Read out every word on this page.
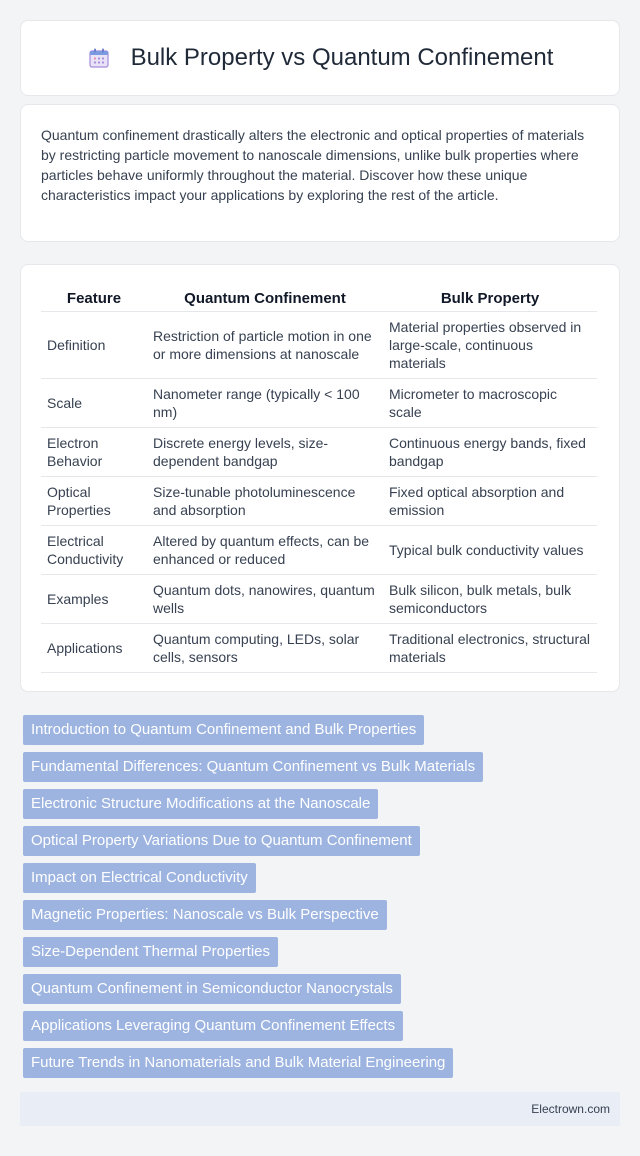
Bulk Property vs Quantum Confinement

Quantum confinement drastically alters the electronic and optical properties of materials by restricting particle movement to nanoscale dimensions, unlike bulk properties where particles behave uniformly throughout the material. Discover how these unique characteristics impact your applications by exploring the rest of the article.

Feature	Quantum Confinement	Bulk Property
Definition	Restriction of particle motion in one or more dimensions at nanoscale	Material properties observed in large-scale, continuous materials
Scale	Nanometer range (typically < 100 nm)	Micrometer to macroscopic scale
Electron Behavior	Discrete energy levels, size-dependent bandgap	Continuous energy bands, fixed bandgap
Optical Properties	Size-tunable photoluminescence and absorption	Fixed optical absorption and emission
Electrical Conductivity	Altered by quantum effects, can be enhanced or reduced	Typical bulk conductivity values
Examples	Quantum dots, nanowires, quantum wells	Bulk silicon, bulk metals, bulk semiconductors
Applications	Quantum computing, LEDs, solar cells, sensors	Traditional electronics, structural materials
Introduction to Quantum Confinement and Bulk Properties
Fundamental Differences: Quantum Confinement vs Bulk Materials
Electronic Structure Modifications at the Nanoscale
Optical Property Variations Due to Quantum Confinement
Impact on Electrical Conductivity
Magnetic Properties: Nanoscale vs Bulk Perspective
Size-Dependent Thermal Properties
Quantum Confinement in Semiconductor Nanocrystals
Applications Leveraging Quantum Confinement Effects
Future Trends in Nanomaterials and Bulk Material Engineering
Electrown.com
